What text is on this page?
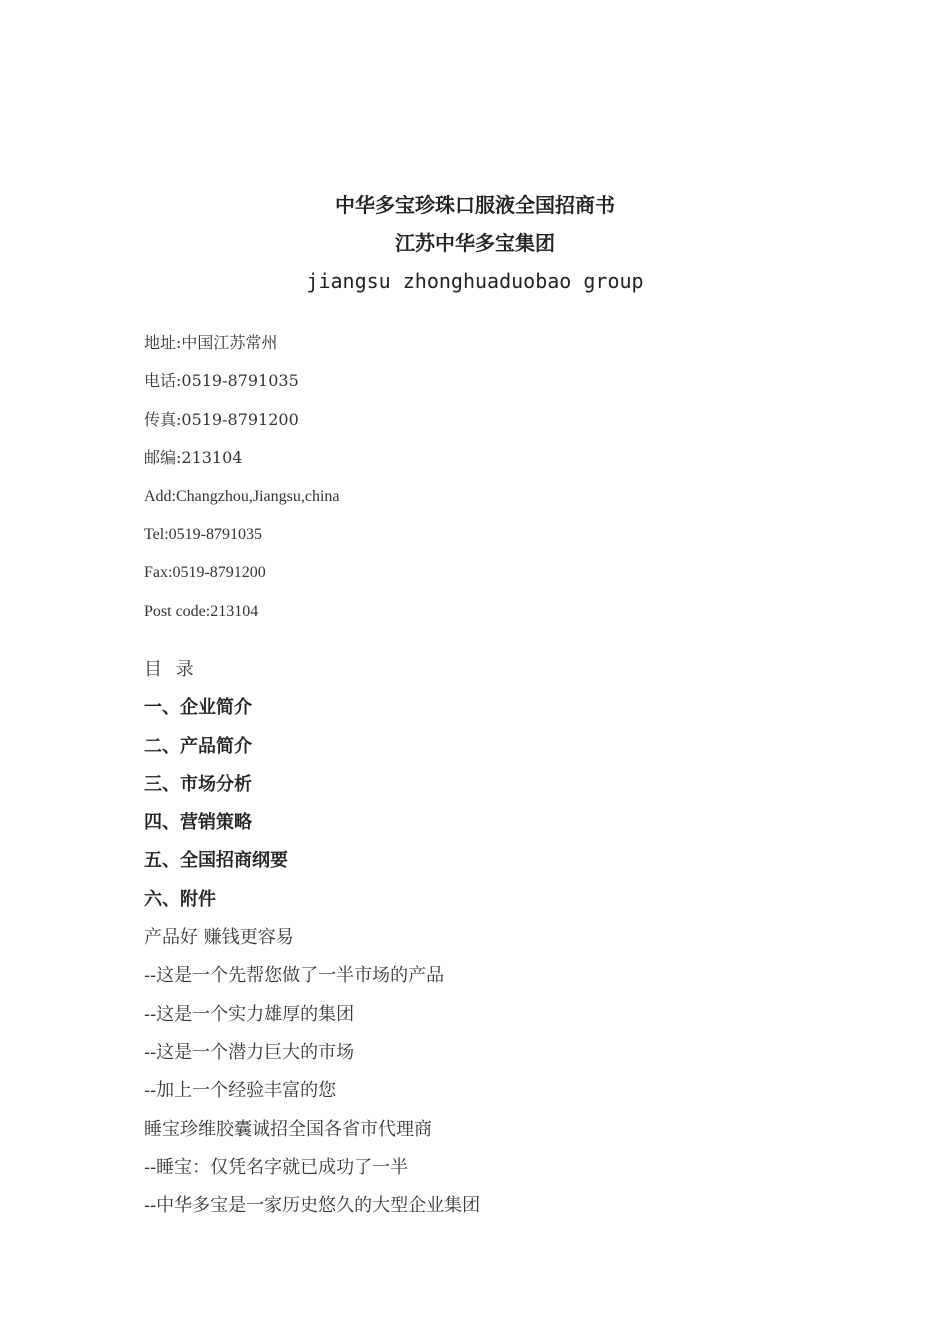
中华多宝珍珠口服液全国招商书
江苏中华多宝集团
jiangsu zhonghuaduobao group
地址:中国江苏常州
电话:0519-8791035
传真:0519-8791200
邮编:213104
Add:Changzhou,Jiangsu,china
Tel:0519-8791035
Fax:0519-8791200
Post code:213104
目 录
一、企业简介
二、产品简介
三、市场分析
四、营销策略
五、全国招商纲要
六、附件
产品好 赚钱更容易
--这是一个先帮您做了一半市场的产品
--这是一个实力雄厚的集团
--这是一个潜力巨大的市场
--加上一个经验丰富的您
睡宝珍维胶囊诚招全国各省市代理商
--睡宝：仅凭名字就已成功了一半
--中华多宝是一家历史悠久的大型企业集团
